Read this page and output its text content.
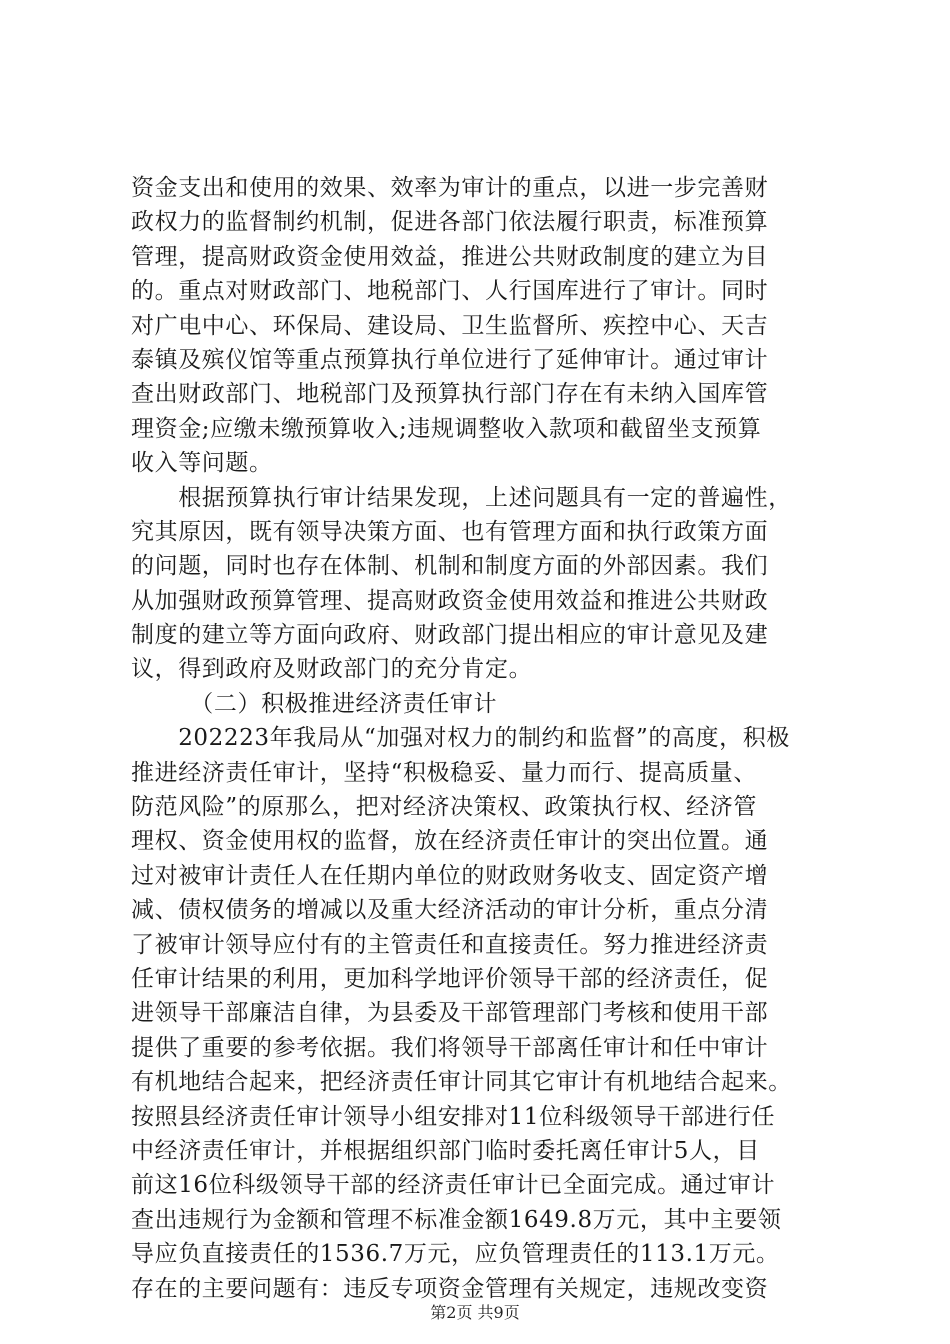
资金支出和使用的效果、效率为审计的重点，以进一步完善财
政权力的监督制约机制，促进各部门依法履行职责，标准预算
管理，提高财政资金使用效益，推进公共财政制度的建立为目
的。重点对财政部门、地税部门、人行国库进行了审计。同时
对广电中心、环保局、建设局、卫生监督所、疾控中心、天吉
泰镇及殡仪馆等重点预算执行单位进行了延伸审计。通过审计
查出财政部门、地税部门及预算执行部门存在有未纳入国库管
理资金;应缴未缴预算收入;违规调整收入款项和截留坐支预算
收入等问题。
　　根据预算执行审计结果发现，上述问题具有一定的普遍性，
究其原因，既有领导决策方面、也有管理方面和执行政策方面
的问题，同时也存在体制、机制和制度方面的外部因素。我们
从加强财政预算管理、提高财政资金使用效益和推进公共财政
制度的建立等方面向政府、财政部门提出相应的审计意见及建
议，得到政府及财政部门的充分肯定。
　　　（二）积极推进经济责任审计
　　202223年我局从“加强对权力的制约和监督”的高度，积极
推进经济责任审计，坚持“积极稳妥、量力而行、提高质量、
防范风险”的原那么，把对经济决策权、政策执行权、经济管
理权、资金使用权的监督，放在经济责任审计的突出位置。通
过对被审计责任人在任期内单位的财政财务收支、固定资产增
减、债权债务的增减以及重大经济活动的审计分析，重点分清
了被审计领导应付有的主管责任和直接责任。努力推进经济责
任审计结果的利用，更加科学地评价领导干部的经济责任，促
进领导干部廉洁自律，为县委及干部管理部门考核和使用干部
提供了重要的参考依据。我们将领导干部离任审计和任中审计
有机地结合起来，把经济责任审计同其它审计有机地结合起来。
按照县经济责任审计领导小组安排对11位科级领导干部进行任
中经济责任审计，并根据组织部门临时委托离任审计5人，目
前这16位科级领导干部的经济责任审计已全面完成。通过审计
查出违规行为金额和管理不标准金额1649.8万元，其中主要领
导应负直接责任的1536.7万元，应负管理责任的113.1万元。
存在的主要问题有：违反专项资金管理有关规定，违规改变资
第2页 共9页
